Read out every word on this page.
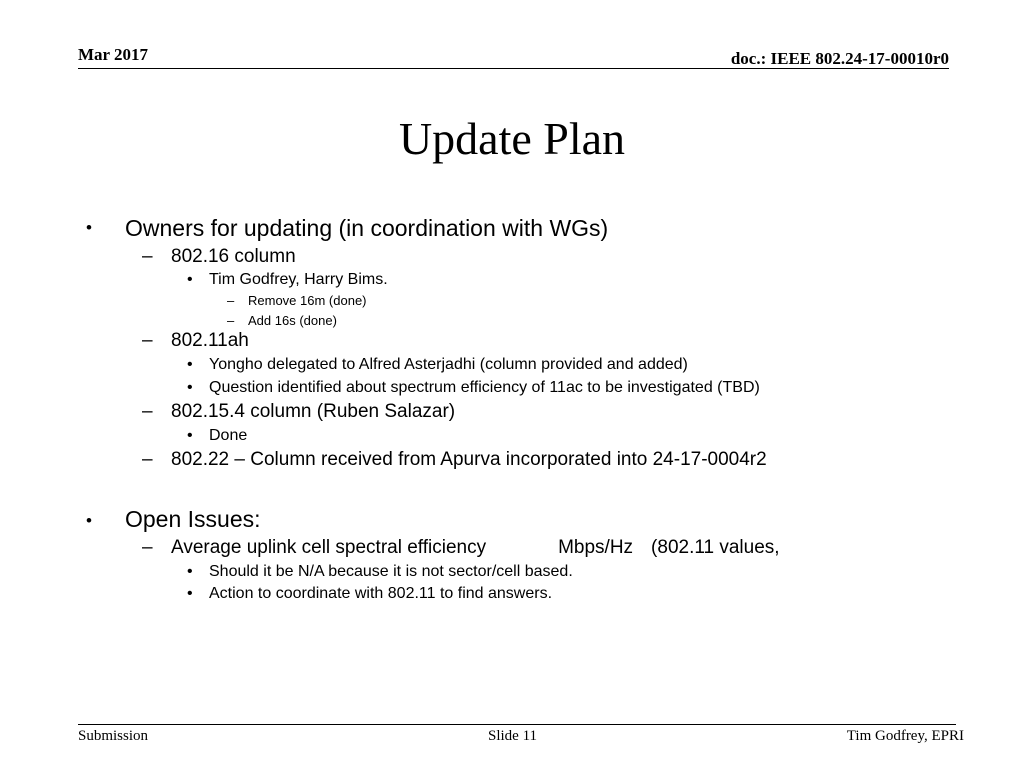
Mar 2017	doc.: IEEE 802.24-17-00010r0
Update Plan
• Owners for updating (in coordination with WGs)
– 802.16 column
• Tim Godfrey, Harry Bims.
– Remove 16m (done)
– Add 16s (done)
– 802.11ah
• Yongho delegated to Alfred Asterjadhi (column provided and added)
• Question identified about spectrum efficiency of 11ac to be investigated (TBD)
– 802.15.4 column (Ruben Salazar)
• Done
– 802.22 – Column received from Apurva incorporated into 24-17-0004r2
• Open Issues:
– Average uplink cell spectral efficiency	Mbps/Hz (802.11 values,
• Should it be N/A because it is not sector/cell based.
• Action to coordinate with 802.11 to find answers.
Submission	Slide 11	Tim Godfrey, EPRI
